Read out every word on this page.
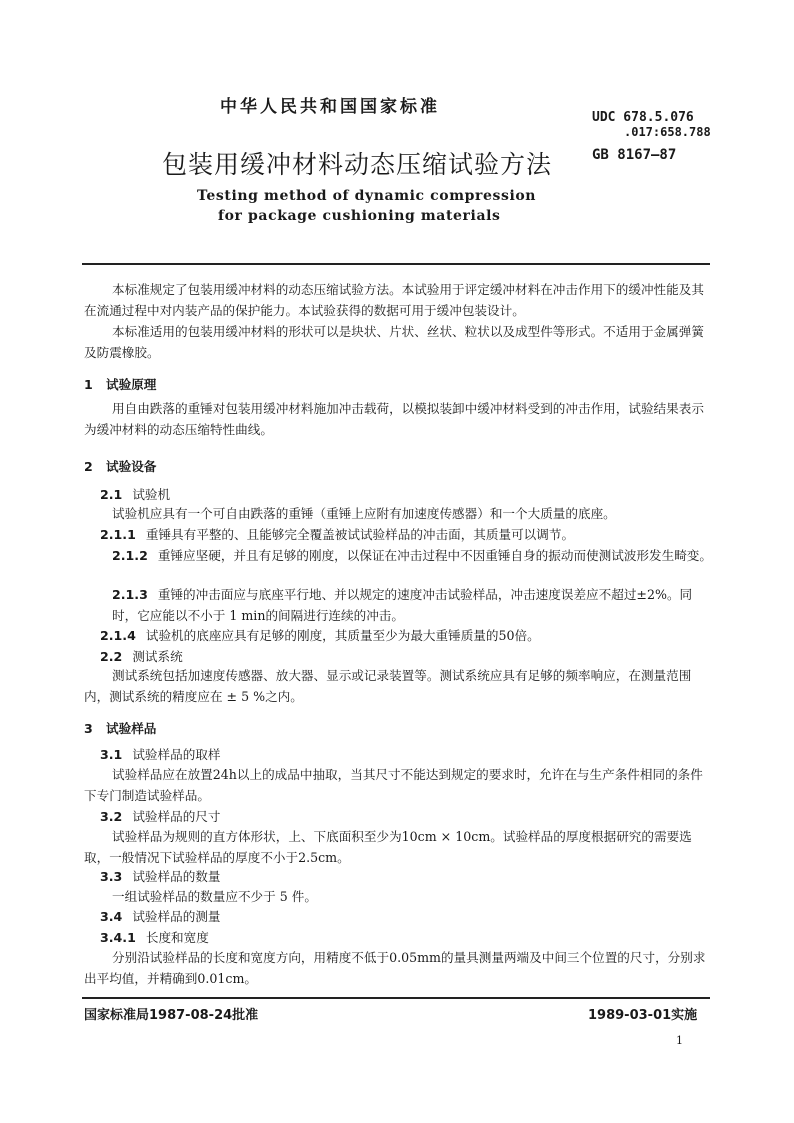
中华人民共和国国家标准
UDC 678.5.076
.017:658.788
包装用缓冲材料动态压缩试验方法	GB 8167—87
Testing method of dynamic compression
for package cushioning materials

本标准规定了包装用缓冲材料的动态压缩试验方法。本试验用于评定缓冲材料在冲击作用下的缓冲性能及其在流通过程中对内装产品的保护能力。本试验获得的数据可用于缓冲包装设计。

本标准适用的包装用缓冲材料的形状可以是块状、片状、丝状、粒状以及成型件等形式。不适用于金属弹簧及防震橡胶。

1 试验原理

用自由跌落的重锤对包装用缓冲材料施加冲击载荷，以模拟装卸中缓冲材料受到的冲击作用，试验结果表示为缓冲材料的动态压缩特性曲线。

2 试验设备
2.1 试验机

试验机应具有一个可自由跌落的重锤（重锤上应附有加速度传感器）和一个大质量的底座。

2.1.1 重锤具有平整的、且能够完全覆盖被试试验样品的冲击面，其质量可以调节。
2.1.2 重锤应坚硬，并且有足够的刚度，以保证在冲击过程中不因重锤自身的振动而使测试波形发生畸变。
2.1.3 重锤的冲击面应与底座平行地、并以规定的速度冲击试验样品，冲击速度误差应不超过±2%。同时，它应能以不小于 1 min的间隔进行连续的冲击。
2.1.4 试验机的底座应具有足够的刚度，其质量至少为最大重锤质量的50倍。
2.2 测试系统

测试系统包括加速度传感器、放大器、显示或记录装置等。测试系统应具有足够的频率响应，在测量范围内，测试系统的精度应在 ± 5 %之内。

3 试验样品
3.1 试验样品的取样

试验样品应在放置24h以上的成品中抽取，当其尺寸不能达到规定的要求时，允许在与生产条件相同的条件下专门制造试验样品。

3.2 试验样品的尺寸

试验样品为规则的直方体形状，上、下底面积至少为10cm × 10cm。试验样品的厚度根据研究的需要选取，一般情况下试验样品的厚度不小于2.5cm。

3.3 试验样品的数量

一组试验样品的数量应不少于 5 件。

3.4 试验样品的测量
3.4.1 长度和宽度

分别沿试验样品的长度和宽度方向，用精度不低于0.05mm的量具测量两端及中间三个位置的尺寸，分别求出平均值，并精确到0.01cm。

国家标准局1987-08-24批准	1989-03-01实施
1
